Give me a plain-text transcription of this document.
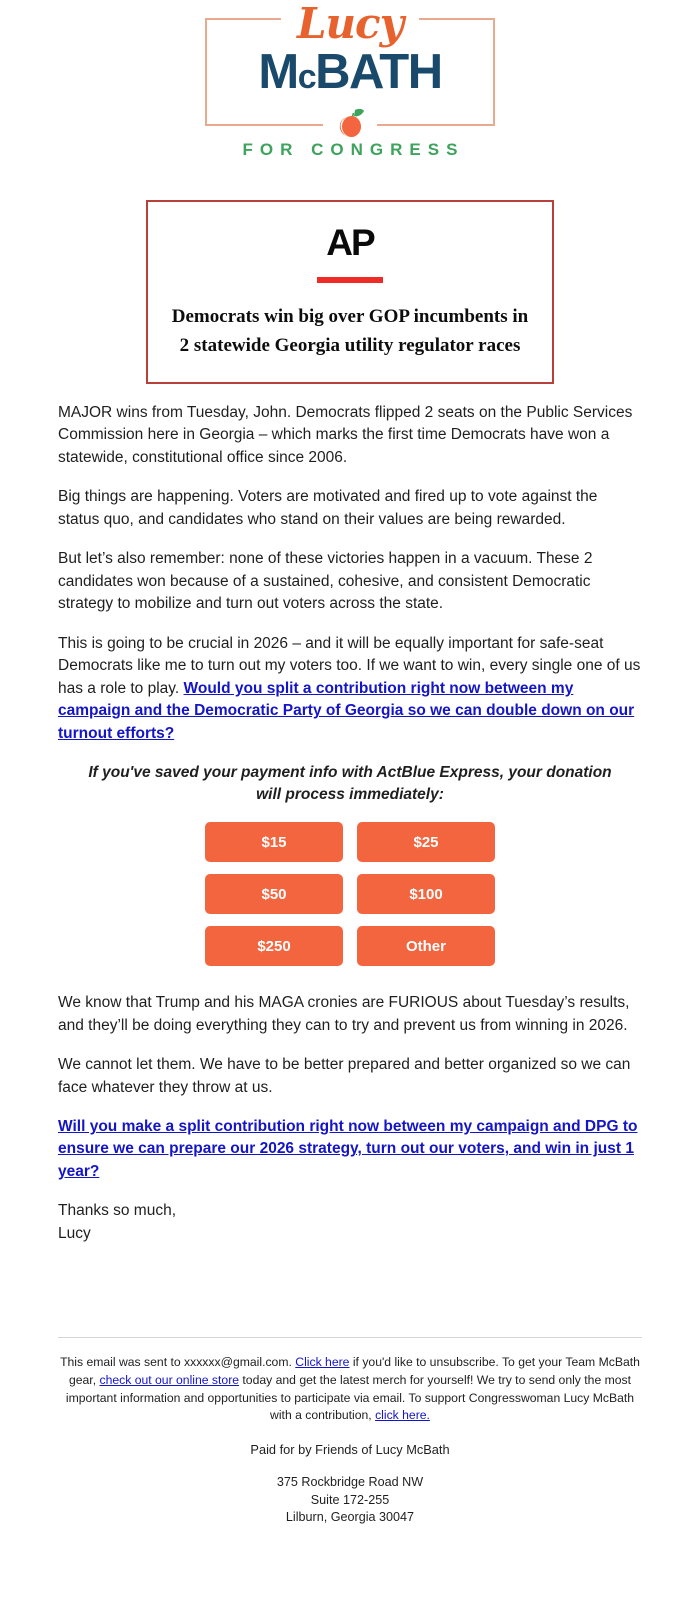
Lucy
McBATH
FOR CONGRESS
AP

Democrats win big over GOP incumbents in 2 statewide Georgia utility regulator races

MAJOR wins from Tuesday, John. Democrats flipped 2 seats on the Public Services Commission here in Georgia – which marks the first time Democrats have won a statewide, constitutional office since 2006.

Big things are happening. Voters are motivated and fired up to vote against the status quo, and candidates who stand on their values are being rewarded.

But let’s also remember: none of these victories happen in a vacuum. These 2 candidates won because of a sustained, cohesive, and consistent Democratic strategy to mobilize and turn out voters across the state.

This is going to be crucial in 2026 – and it will be equally important for safe-seat Democrats like me to turn out my voters too. If we want to win, every single one of us has a role to play. Would you split a contribution right now between my campaign and the Democratic Party of Georgia so we can double down on our turnout efforts?

If you've saved your payment info with ActBlue Express, your donation will process immediately:

$15	$25
$50	$100
$250	Other

We know that Trump and his MAGA cronies are FURIOUS about Tuesday’s results, and they’ll be doing everything they can to try and prevent us from winning in 2026.

We cannot let them. We have to be better prepared and better organized so we can face whatever they throw at us.

Will you make a split contribution right now between my campaign and DPG to ensure we can prepare our 2026 strategy, turn out our voters, and win in just 1 year?

Thanks so much,
Lucy

This email was sent to xxxxxx@gmail.com. Click here if you'd like to unsubscribe. To get your Team McBath gear, check out our online store today and get the latest merch for yourself! We try to send only the most important information and opportunities to participate via email. To support Congresswoman Lucy McBath with a contribution, click here.

Paid for by Friends of Lucy McBath

375 Rockbridge Road NW
Suite 172-255
Lilburn, Georgia 30047
